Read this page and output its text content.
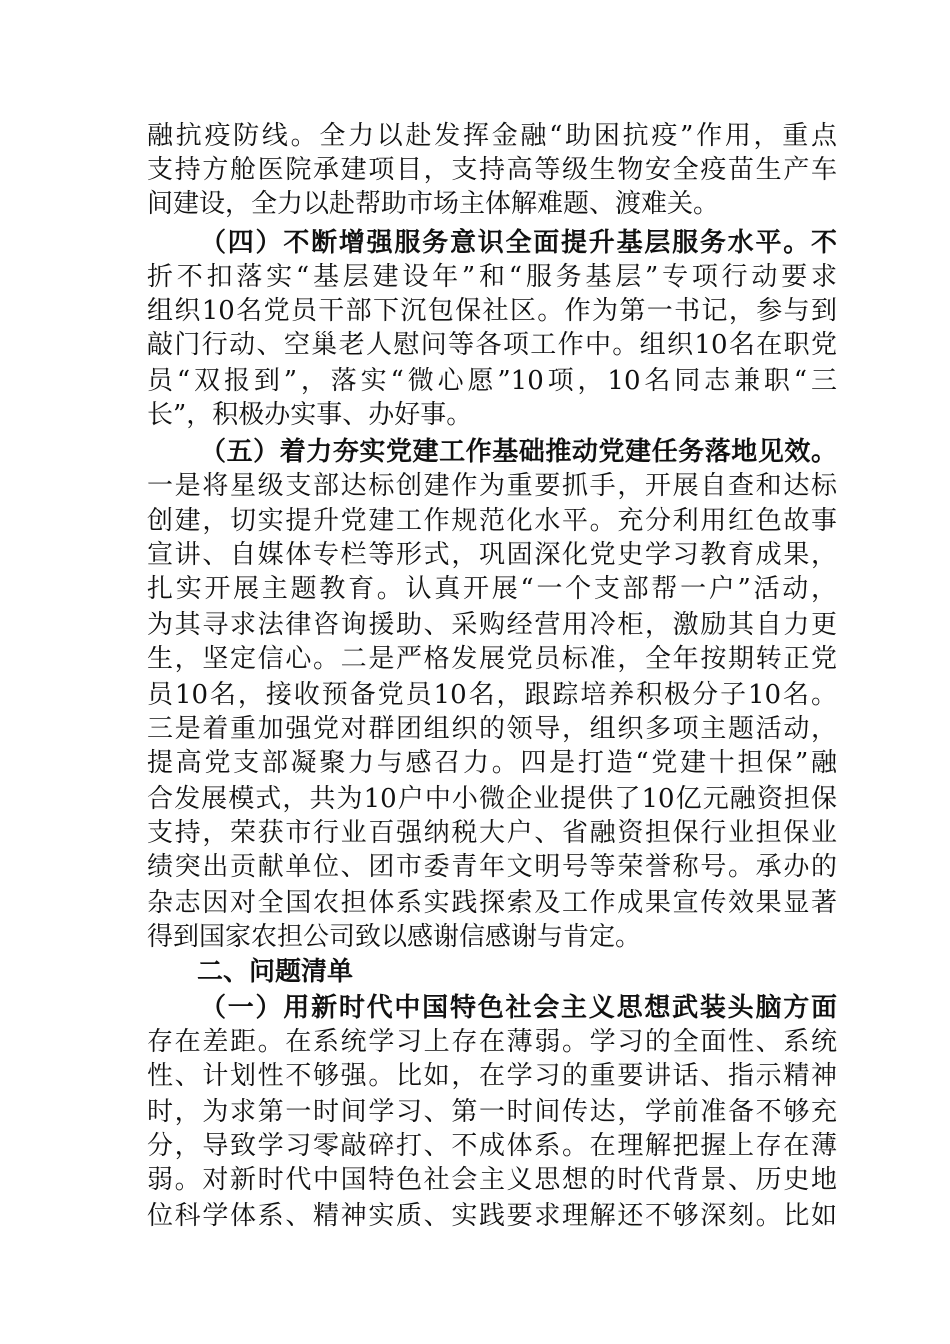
融抗疫防线。全力以赴发挥金融“助困抗疫”作用，重点
支持方舱医院承建项目，支持高等级生物安全疫苗生产车
间建设，全力以赴帮助市场主体解难题、渡难关。
（四）不断增强服务意识全面提升基层服务水平。不
折不扣落实“基层建设年”和“服务基层”专项行动要求
组织10名党员干部下沉包保社区。作为第一书记，参与到
敲门行动、空巢老人慰问等各项工作中。组织10名在职党
员“双报到”，落实“微心愿”10项，10名同志兼职“三
长”，积极办实事、办好事。
（五）着力夯实党建工作基础推动党建任务落地见效。
一是将星级支部达标创建作为重要抓手，开展自查和达标
创建，切实提升党建工作规范化水平。充分利用红色故事
宣讲、自媒体专栏等形式，巩固深化党史学习教育成果，
扎实开展主题教育。认真开展“一个支部帮一户”活动，
为其寻求法律咨询援助、采购经营用冷柜，激励其自力更
生，坚定信心。二是严格发展党员标准，全年按期转正党
员10名，接收预备党员10名，跟踪培养积极分子10名。
三是着重加强党对群团组织的领导，组织多项主题活动，
提高党支部凝聚力与感召力。四是打造“党建十担保”融
合发展模式，共为10户中小微企业提供了10亿元融资担保
支持，荣获市行业百强纳税大户、省融资担保行业担保业
绩突出贡献单位、团市委青年文明号等荣誉称号。承办的
杂志因对全国农担体系实践探索及工作成果宣传效果显著
得到国家农担公司致以感谢信感谢与肯定。
二、问题清单
（一）用新时代中国特色社会主义思想武装头脑方面
存在差距。在系统学习上存在薄弱。学习的全面性、系统
性、计划性不够强。比如，在学习的重要讲话、指示精神
时，为求第一时间学习、第一时间传达，学前准备不够充
分，导致学习零敲碎打、不成体系。在理解把握上存在薄
弱。对新时代中国特色社会主义思想的时代背景、历史地
位科学体系、精神实质、实践要求理解还不够深刻。比如
